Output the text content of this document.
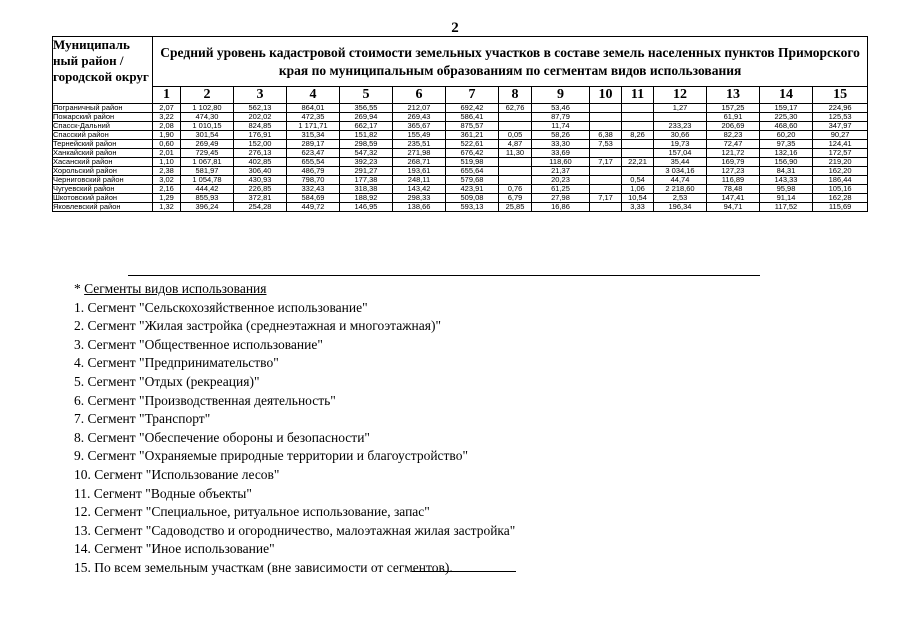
2
Муниципаль ный район / городской округ	Средний уровень кадастровой стоимости земельных участков в составе земель населенных пунктов Приморского края по муниципальным образованиям по сегментам видов использования														
	1	2	3	4	5	6	7	8	9	10	11	12	13	14	15
Пограничный район	2,07	1 102,80	562,13	864,01	356,55	212,07	692,42	62,76	53,46			1,27	157,25	159,17	224,96
Пожарский район	3,22	474,30	202,02	472,35	269,94	269,43	586,41		87,79				61,91	225,30	125,53
Спасск-Дальний	2,08	1 010,15	824,85	1 171,71	662,17	365,67	875,57		11,74			233,23	206,69	468,60	347,97
Спасский район	1,90	301,54	176,91	315,34	151,82	155,49	361,21	0,05	58,26	6,38	8,26	30,66	82,23	60,20	90,27
Тернейский район	0,60	269,49	152,00	289,17	298,59	235,51	522,61	4,87	33,30	7,53		19,73	72,47	97,35	124,41
Ханкайский район	2,01	729,45	276,13	623,47	547,32	271,98	676,42	11,30	33,69			157,04	121,72	132,16	172,57
Хасанский район	1,10	1 067,81	402,85	655,54	392,23	268,71	519,98		118,60	7,17	22,21	35,44	169,79	156,90	219,20
Хорольский район	2,38	581,97	306,40	486,79	291,27	193,61	655,64		21,37			3 034,16	127,23	84,31	162,20
Черниговский район	3,02	1 054,78	430,93	798,70	177,38	248,11	579,68		20,23		0,54	44,74	116,89	143,33	186,44
Чугуевский район	2,16	444,42	226,85	332,43	318,38	143,42	423,91	0,76	61,25		1,06	2 218,60	78,48	95,98	105,16
Шкотовский район	1,29	855,93	372,81	584,69	188,92	298,33	509,08	6,79	27,98	7,17	10,54	2,53	147,41	91,14	162,28
Яковлевский район	1,32	396,24	254,28	449,72	146,95	138,66	593,13	25,85	16,86		3,33	196,34	94,71	117,52	115,69
* Сегменты видов использования
1. Сегмент "Сельскохозяйственное использование"
2. Сегмент "Жилая застройка (среднеэтажная и многоэтажная)"
3. Сегмент "Общественное использование"
4. Сегмент "Предпринимательство"
5. Сегмент "Отдых (рекреация)"
6. Сегмент "Производственная деятельность"
7. Сегмент "Транспорт"
8. Сегмент "Обеспечение обороны и безопасности"
9. Сегмент "Охраняемые природные территории и благоустройство"
10. Сегмент "Использование лесов"
11. Сегмент "Водные объекты"
12. Сегмент "Специальное, ритуальное использование, запас"
13. Сегмент "Садоводство и огородничество, малоэтажная жилая застройка"
14. Сегмент "Иное использование"
15. По всем земельным участкам (вне зависимости от сегментов).
